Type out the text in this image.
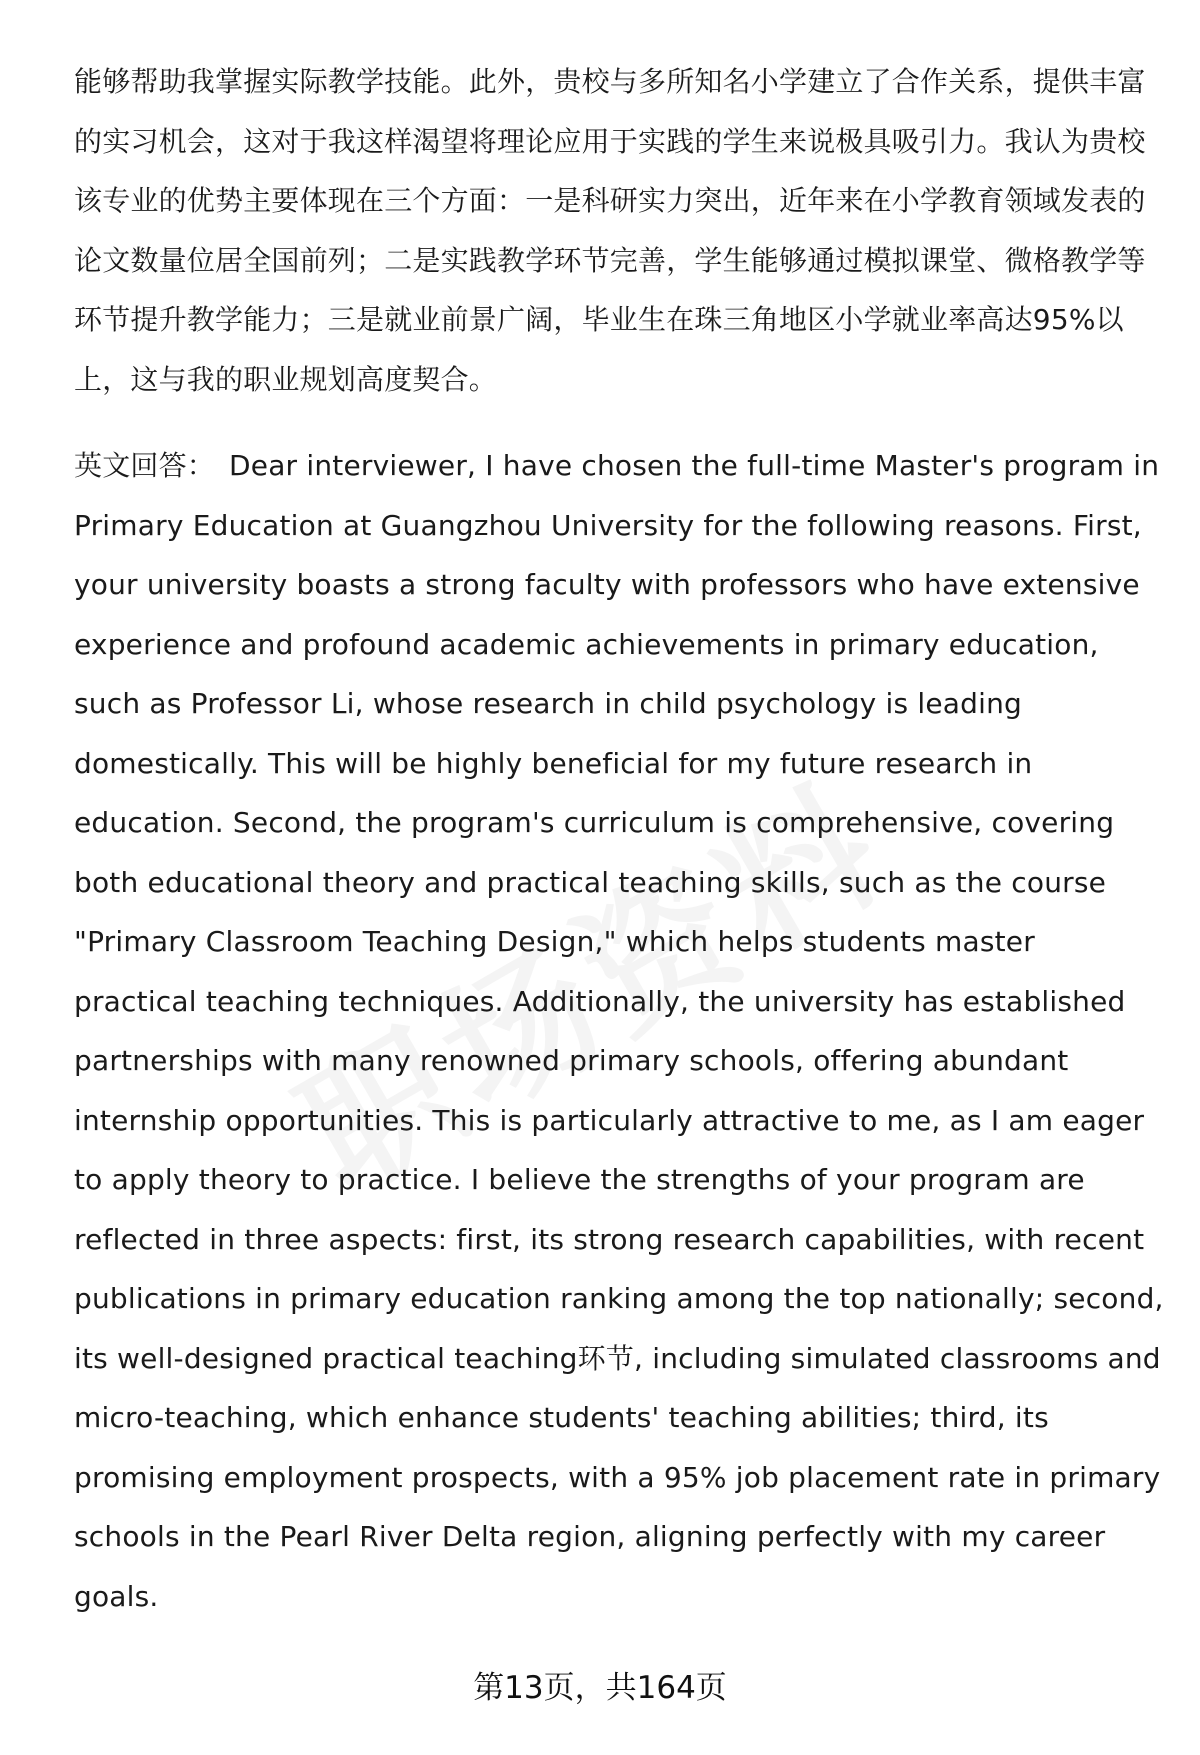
能够帮助我掌握实际教学技能。此外，贵校与多所知名小学建立了合作关系，提供丰富的实习机会，这对于我这样渴望将理论应用于实践的学生来说极具吸引力。我认为贵校该专业的优势主要体现在三个方面：一是科研实力突出，近年来在小学教育领域发表的论文数量位居全国前列；二是实践教学环节完善，学生能够通过模拟课堂、微格教学等环节提升教学能力；三是就业前景广阔，毕业生在珠三角地区小学就业率高达95%以上，这与我的职业规划高度契合。

英文回答： Dear interviewer, I have chosen the full-time Master's program in Primary Education at Guangzhou University for the following reasons. First, your university boasts a strong faculty with professors who have extensive experience and profound academic achievements in primary education, such as Professor Li, whose research in child psychology is leading domestically. This will be highly beneficial for my future research in education. Second, the program's curriculum is comprehensive, covering both educational theory and practical teaching skills, such as the course "Primary Classroom Teaching Design," which helps students master practical teaching techniques. Additionally, the university has established partnerships with many renowned primary schools, offering abundant internship opportunities. This is particularly attractive to me, as I am eager to apply theory to practice. I believe the strengths of your program are reflected in three aspects: first, its strong research capabilities, with recent publications in primary education ranking among the top nationally; second, its well-designed practical teaching环节, including simulated classrooms and micro-teaching, which enhance students' teaching abilities; third, its promising employment prospects, with a 95% job placement rate in primary schools in the Pearl River Delta region, aligning perfectly with my career goals.

第13页，共164页
